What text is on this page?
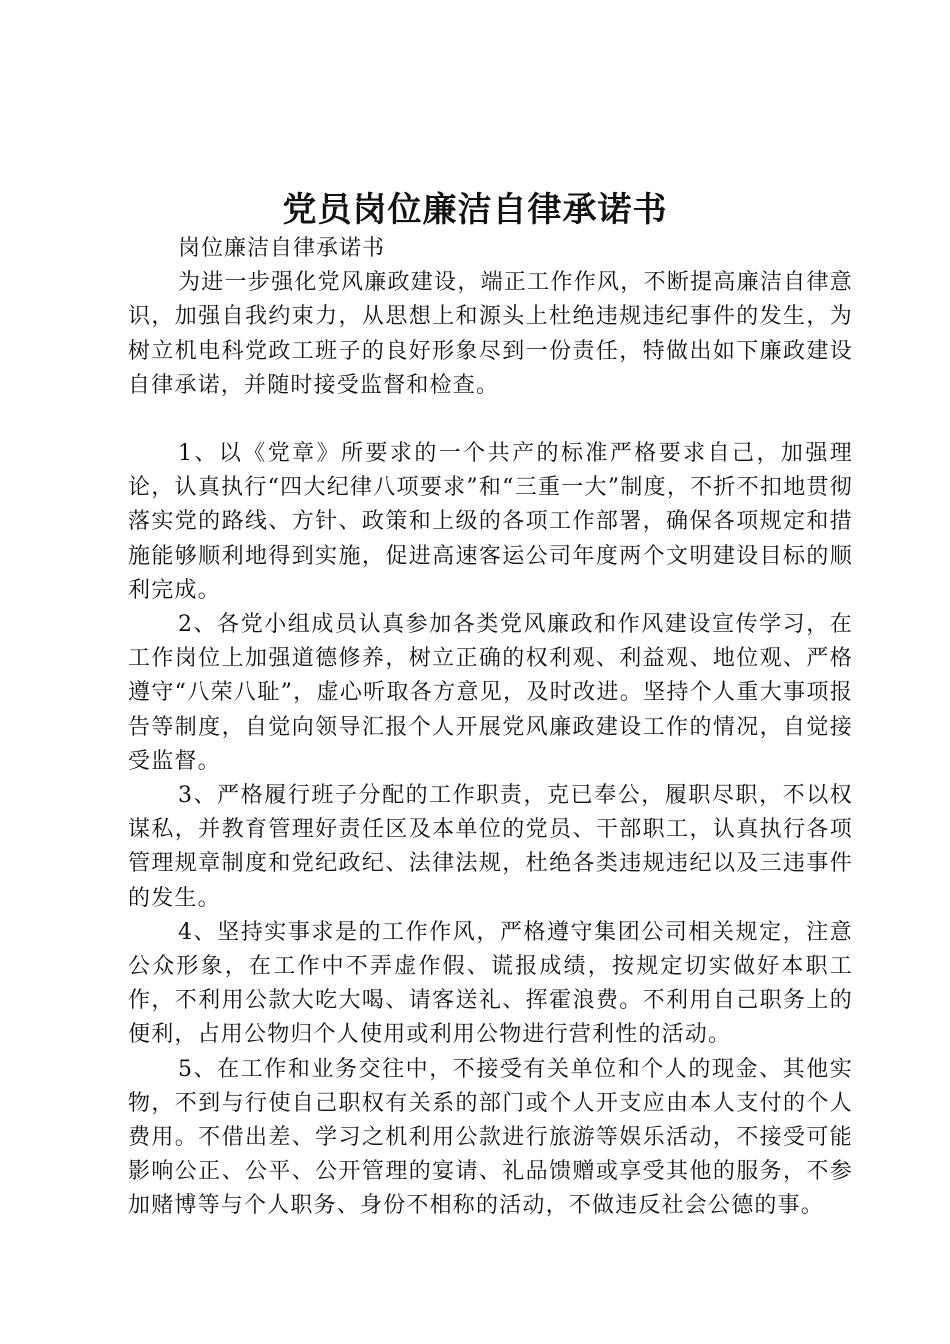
党员岗位廉洁自律承诺书

岗位廉洁自律承诺书

为进一步强化党风廉政建设，端正工作作风，不断提高廉洁自律意识，加强自我约束力，从思想上和源头上杜绝违规违纪事件的发生，为树立机电科党政工班子的良好形象尽到一份责任，特做出如下廉政建设自律承诺，并随时接受监督和检查。

1、以《党章》所要求的一个共产的标准严格要求自己，加强理论，认真执行“四大纪律八项要求”和“三重一大”制度，不折不扣地贯彻落实党的路线、方针、政策和上级的各项工作部署，确保各项规定和措施能够顺利地得到实施，促进高速客运公司年度两个文明建设目标的顺利完成。

2、各党小组成员认真参加各类党风廉政和作风建设宣传学习，在工作岗位上加强道德修养，树立正确的权利观、利益观、地位观、严格遵守“八荣八耻”，虚心听取各方意见，及时改进。坚持个人重大事项报告等制度，自觉向领导汇报个人开展党风廉政建设工作的情况，自觉接受监督。

3、严格履行班子分配的工作职责，克已奉公，履职尽职，不以权谋私，并教育管理好责任区及本单位的党员、干部职工，认真执行各项管理规章制度和党纪政纪、法律法规，杜绝各类违规违纪以及三违事件的发生。

4、坚持实事求是的工作作风，严格遵守集团公司相关规定，注意公众形象，在工作中不弄虚作假、谎报成绩，按规定切实做好本职工作，不利用公款大吃大喝、请客送礼、挥霍浪费。不利用自己职务上的便利，占用公物归个人使用或利用公物进行营利性的活动。

5、在工作和业务交往中，不接受有关单位和个人的现金、其他实物，不到与行使自己职权有关系的部门或个人开支应由本人支付的个人费用。不借出差、学习之机利用公款进行旅游等娱乐活动，不接受可能影响公正、公平、公开管理的宴请、礼品馈赠或享受其他的服务，不参加赌博等与个人职务、身份不相称的活动，不做违反社会公德的事。
